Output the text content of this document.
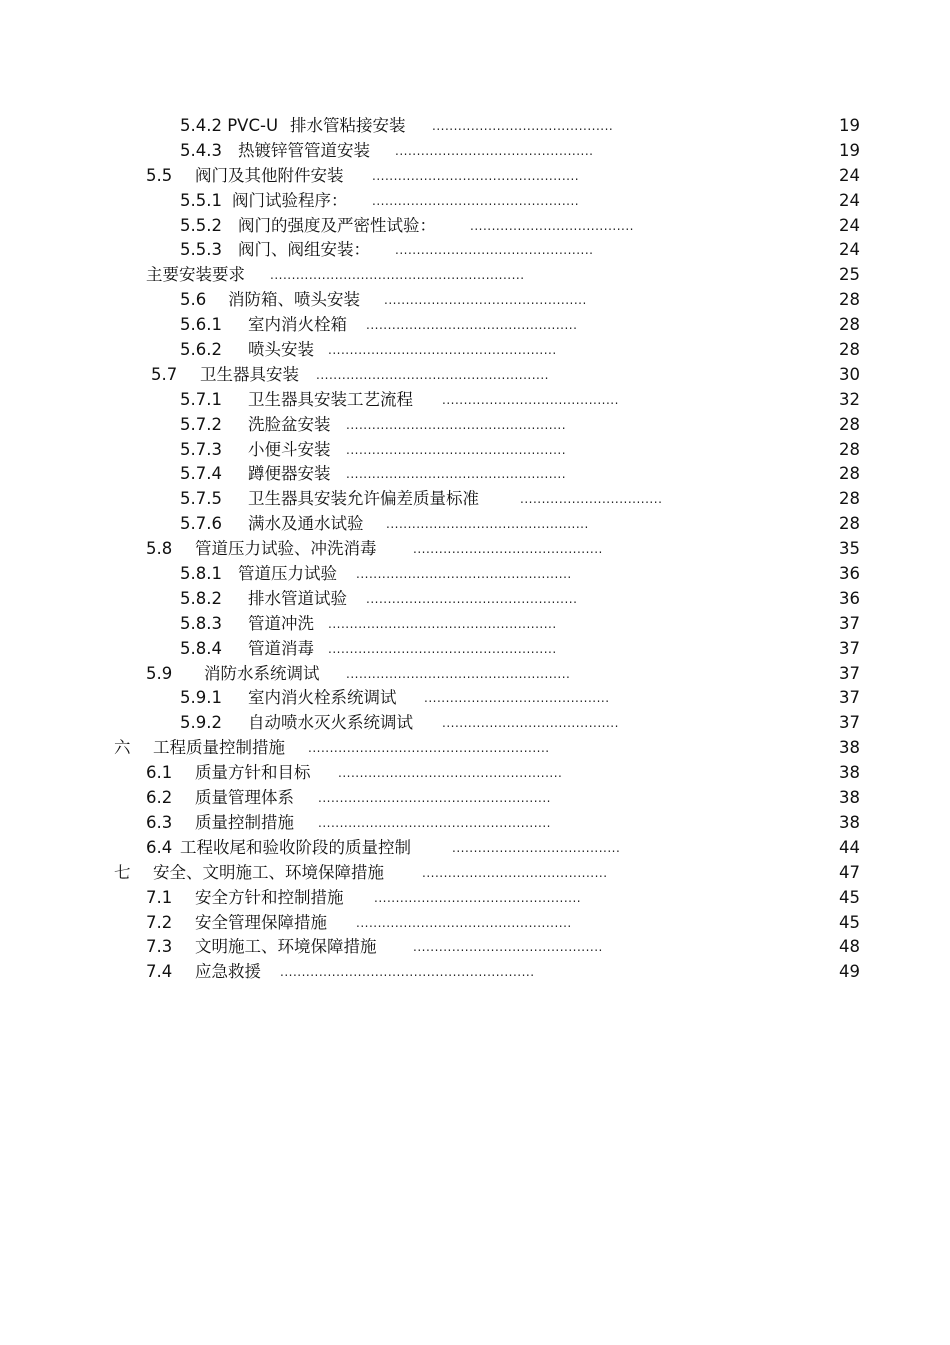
5.4.2 PVC-U 排水管粘接安装 ..........................................	19
5.4.3 热镀锌管管道安装 ..............................................	19
5.5 阀门及其他附件安装 ................................................	24
5.5.1 阀门试验程序： ................................................	24
5.5.2 阀门的强度及严密性试验：	......................................	24
5.5.3 阀门、阀组安装： ..............................................	24
主要安装要求 ...........................................................	25
5.6 消防箱、喷头安装 ...............................................	28
5.6.1 室内消火栓箱 .................................................	28
5.6.2 喷头安装 .....................................................	28
5.7 卫生器具安装 ......................................................	30
5.7.1 卫生器具安装工艺流程 .........................................	32
5.7.2 洗脸盆安装 ...................................................	28
5.7.3 小便斗安装 ...................................................	28
5.7.4 蹲便器安装 ...................................................	28
5.7.5 卫生器具安装允许偏差质量标准	.................................	28
5.7.6 满水及通水试验 ...............................................	28
5.8 管道压力试验、冲洗消毒	............................................	35
5.8.1 管道压力试验 ..................................................	36
5.8.2 排水管道试验 .................................................	36
5.8.3 管道冲洗 .....................................................	37
5.8.4 管道消毒 .....................................................	37
5.9 消防水系统调试 ....................................................	37
5.9.1 室内消火栓系统调试 ...........................................	37
5.9.2 自动喷水灭火系统调试 .........................................	37
六 工程质量控制措施 ........................................................	38
6.1 质量方针和目标 ....................................................	38
6.2 质量管理体系 ......................................................	38
6.3 质量控制措施 ......................................................	38
6.4 工程收尾和验收阶段的质量控制	.......................................	44
七 安全、文明施工、环境保障措施	...........................................	47
7.1 安全方针和控制措施	................................................	45
7.2 安全管理保障措施 ..................................................	45
7.3 文明施工、环境保障措施	............................................	48
7.4 应急救援 ...........................................................	49
